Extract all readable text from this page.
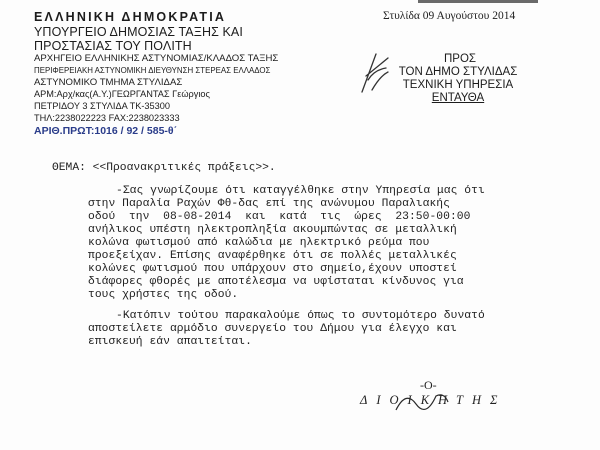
ΕΛΛΗΝΙΚΗ ΔΗΜΟΚΡΑΤΙΑ
ΥΠΟΥΡΓΕΙΟ ΔΗΜΟΣΙΑΣ ΤΑΞΗΣ ΚΑΙ
ΠΡΟΣΤΑΣΙΑΣ ΤΟΥ ΠΟΛΙΤΗ
ΑΡΧΗΓΕΙΟ ΕΛΛΗΝΙΚΗΣ ΑΣΤΥΝΟΜΙΑΣ/ΚΛΑΔΟΣ ΤΑΞΗΣ
ΠΕΡΙΦΕΡΕΙΑΚΗ ΑΣΤΥΝΟΜΙΚΗ ΔΙΕΥΘΥΝΣΗ ΣΤΕΡΕΑΣ ΕΛΛΑΔΟΣ
ΑΣΤΥΝΟΜΙΚΟ ΤΜΗΜΑ ΣΤΥΛΙΔΑΣ
ΑΡΜ:Αρχ/κας(Α.Υ.)ΓΕΩΡΓΑΝΤΑΣ Γεώργιος
ΠΕΤΡΙΔΟΥ 3 ΣΤΥΛΙΔΑ ΤΚ-35300
ΤΗΛ:2238022223 FAX:2238023333
ΑΡΙΘ.ΠΡΩΤ:1016 / 92 / 585-θ΄
Στυλίδα 09 Αυγούστου 2014
ΠΡΟΣ
ΤΟΝ ΔΗΜΟ ΣΤΥΛΙΔΑΣ
ΤΕΧΝΙΚΗ ΥΠΗΡΕΣΙΑ
ΕΝΤΑΥΘΑ
ΘΕΜΑ: <<Προανακριτικές πράξεις>>.
-Σας γνωρίζουμε ότι καταγγέλθηκε στην Υπηρεσία μας ότι
στην Παραλία Ραχών Φθ-δας επί της ανώνυμου Παραλιακής
οδού  την  08-08-2014  και  κατά  τις  ώρες  23:50-00:00
ανήλικος υπέστη ηλεκτροπληξία ακουμπώντας σε μεταλλική
κολώνα φωτισμού από καλώδια με ηλεκτρικό ρεύμα που
προεξείχαν. Επίσης αναφέρθηκε ότι σε πολλές μεταλλικές
κολώνες φωτισμού που υπάρχουν στο σημείο,έχουν υποστεί
διάφορες φθορές με αποτέλεσμα να υφίσταται κίνδυνος για
τους χρήστες της οδού.
-Κατόπιν τούτου παρακαλούμε όπως το συντομότερο δυνατό
αποστείλετε αρμόδιο συνεργείο του Δήμου για έλεγχο και
επισκευή εάν απαιτείται.
-Ο-
ΔΙΟΙΚΗΤΗΣ
